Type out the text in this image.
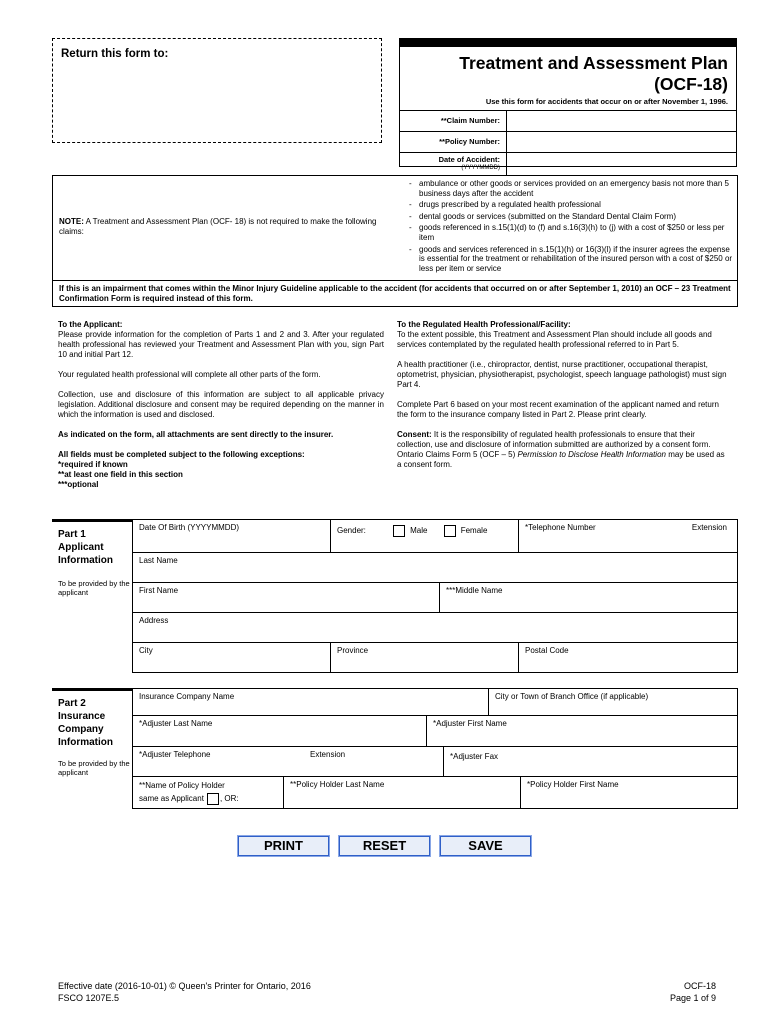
Return this form to:	Treatment and Assessment Plan
(OCF-18)
Use this form for accidents that occur on or after November 1, 1996.
**Claim Number:
**Policy Number:
Date of Accident:
(YYYYMMDD)
NOTE: A Treatment and Assessment Plan (OCF- 18) is not required to make the following claims:
- ambulance or other goods or services provided on an emergency basis not more than 5 business days after the accident
- drugs prescribed by a regulated health professional
- dental goods or services (submitted on the Standard Dental Claim Form)
- goods referenced in s.15(1)(d) to (f) and s.16(3)(h) to (j) with a cost of $250 or less per item
- goods and services referenced in s.15(1)(h) or 16(3)(l) if the insurer agrees the expense is essential for the treatment or rehabilitation of the insured person with a cost of $250 or less per item or service
If this is an impairment that comes within the Minor Injury Guideline applicable to the accident (for accidents that occurred on or after September 1, 2010) an OCF – 23 Treatment Confirmation Form is required instead of this form.

To the Applicant:
Please provide information for the completion of Parts 1 and 2 and 3. After your regulated health professional has reviewed your Treatment and Assessment Plan with you, sign Part 10 and initial Part 12.

Your regulated health professional will complete all other parts of the form.

Collection, use and disclosure of this information are subject to all applicable privacy legislation. Additional disclosure and consent may be required depending on the manner in which the information is used and disclosed.

As indicated on the form, all attachments are sent directly to the insurer.

All fields must be completed subject to the following exceptions:

*required if known

**at least one field in this section

***optional

To the Regulated Health Professional/Facility:
To the extent possible, this Treatment and Assessment Plan should include all goods and services contemplated by the regulated health professional referred to in Part 5.

A health practitioner (i.e., chiropractor, dentist, nurse practitioner, occupational therapist, optometrist, physician, physiotherapist, psychologist, speech language pathologist) must sign Part 4.

Complete Part 6 based on your most recent examination of the applicant named and return the form to the insurance company listed in Part 2. Please print clearly.

Consent: It is the responsibility of regulated health professionals to ensure that their collection, use and disclosure of information submitted are authorized by a consent form. Ontario Claims Form 5 (OCF – 5) Permission to Disclose Health Information may be used as a consent form.

Part 1
Applicant
Information
To be provided by the applicant
Date Of Birth (YYYYMMDD)	Gender:	Male	Female	*Telephone Number	Extension
Last Name
First Name	***Middle Name
Address
City	Province	Postal Code
Part 2
Insurance
Company
Information
To be provided by the applicant
Insurance Company Name	City or Town of Branch Office (if applicable)
*Adjuster Last Name	*Adjuster First Name
*Adjuster Telephone	Extension	*Adjuster Fax
**Name of Policy Holder
same as Applicant , OR:
**Policy Holder Last Name	*Policy Holder First Name
PRINT	RESET	SAVE
Effective date (2016-10-01) © Queen's Printer for Ontario, 2016
FSCO 1207E.5
OCF-18
Page 1 of 9
